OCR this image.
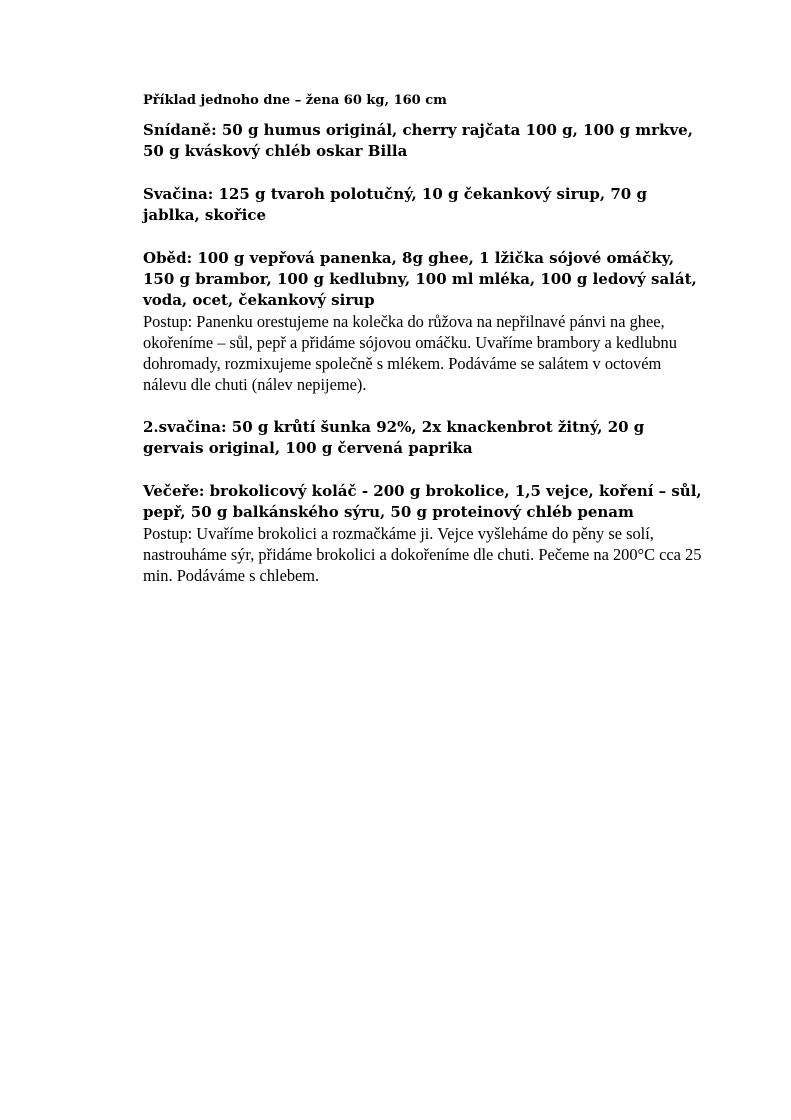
Příklad jednoho dne – žena 60 kg, 160 cm

Snídaně: 50 g humus originál, cherry rajčata 100 g, 100 g mrkve, 50 g kváskový chléb oskar Billa

Svačina: 125 g tvaroh polotučný, 10 g čekankový sirup, 70 g jablka, skořice

Oběd: 100 g vepřová panenka, 8g ghee, 1 lžička sójové omáčky, 150 g brambor, 100 g kedlubny, 100 ml mléka, 100 g ledový salát, voda, ocet, čekankový sirup

Postup: Panenku orestujeme na kolečka do růžova na nepřilnavé pánvi na ghee, okořeníme – sůl, pepř a přidáme sójovou omáčku. Uvaříme brambory a kedlubnu dohromady, rozmixujeme společně s mlékem. Podáváme se salátem v octovém nálevu dle chuti (nálev nepijeme).

2.svačina: 50 g krůtí šunka 92%, 2x knackenbrot žitný, 20 g gervais original, 100 g červená paprika

Večeře: brokolicový koláč - 200 g brokolice, 1,5 vejce, koření – sůl, pepř, 50 g balkánského sýru, 50 g proteinový chléb penam

Postup: Uvaříme brokolici a rozmačkáme ji. Vejce vyšleháme do pěny se solí, nastrouháme sýr, přidáme brokolici a dokořeníme dle chuti. Pečeme na 200°C cca 25 min. Podáváme s chlebem.
